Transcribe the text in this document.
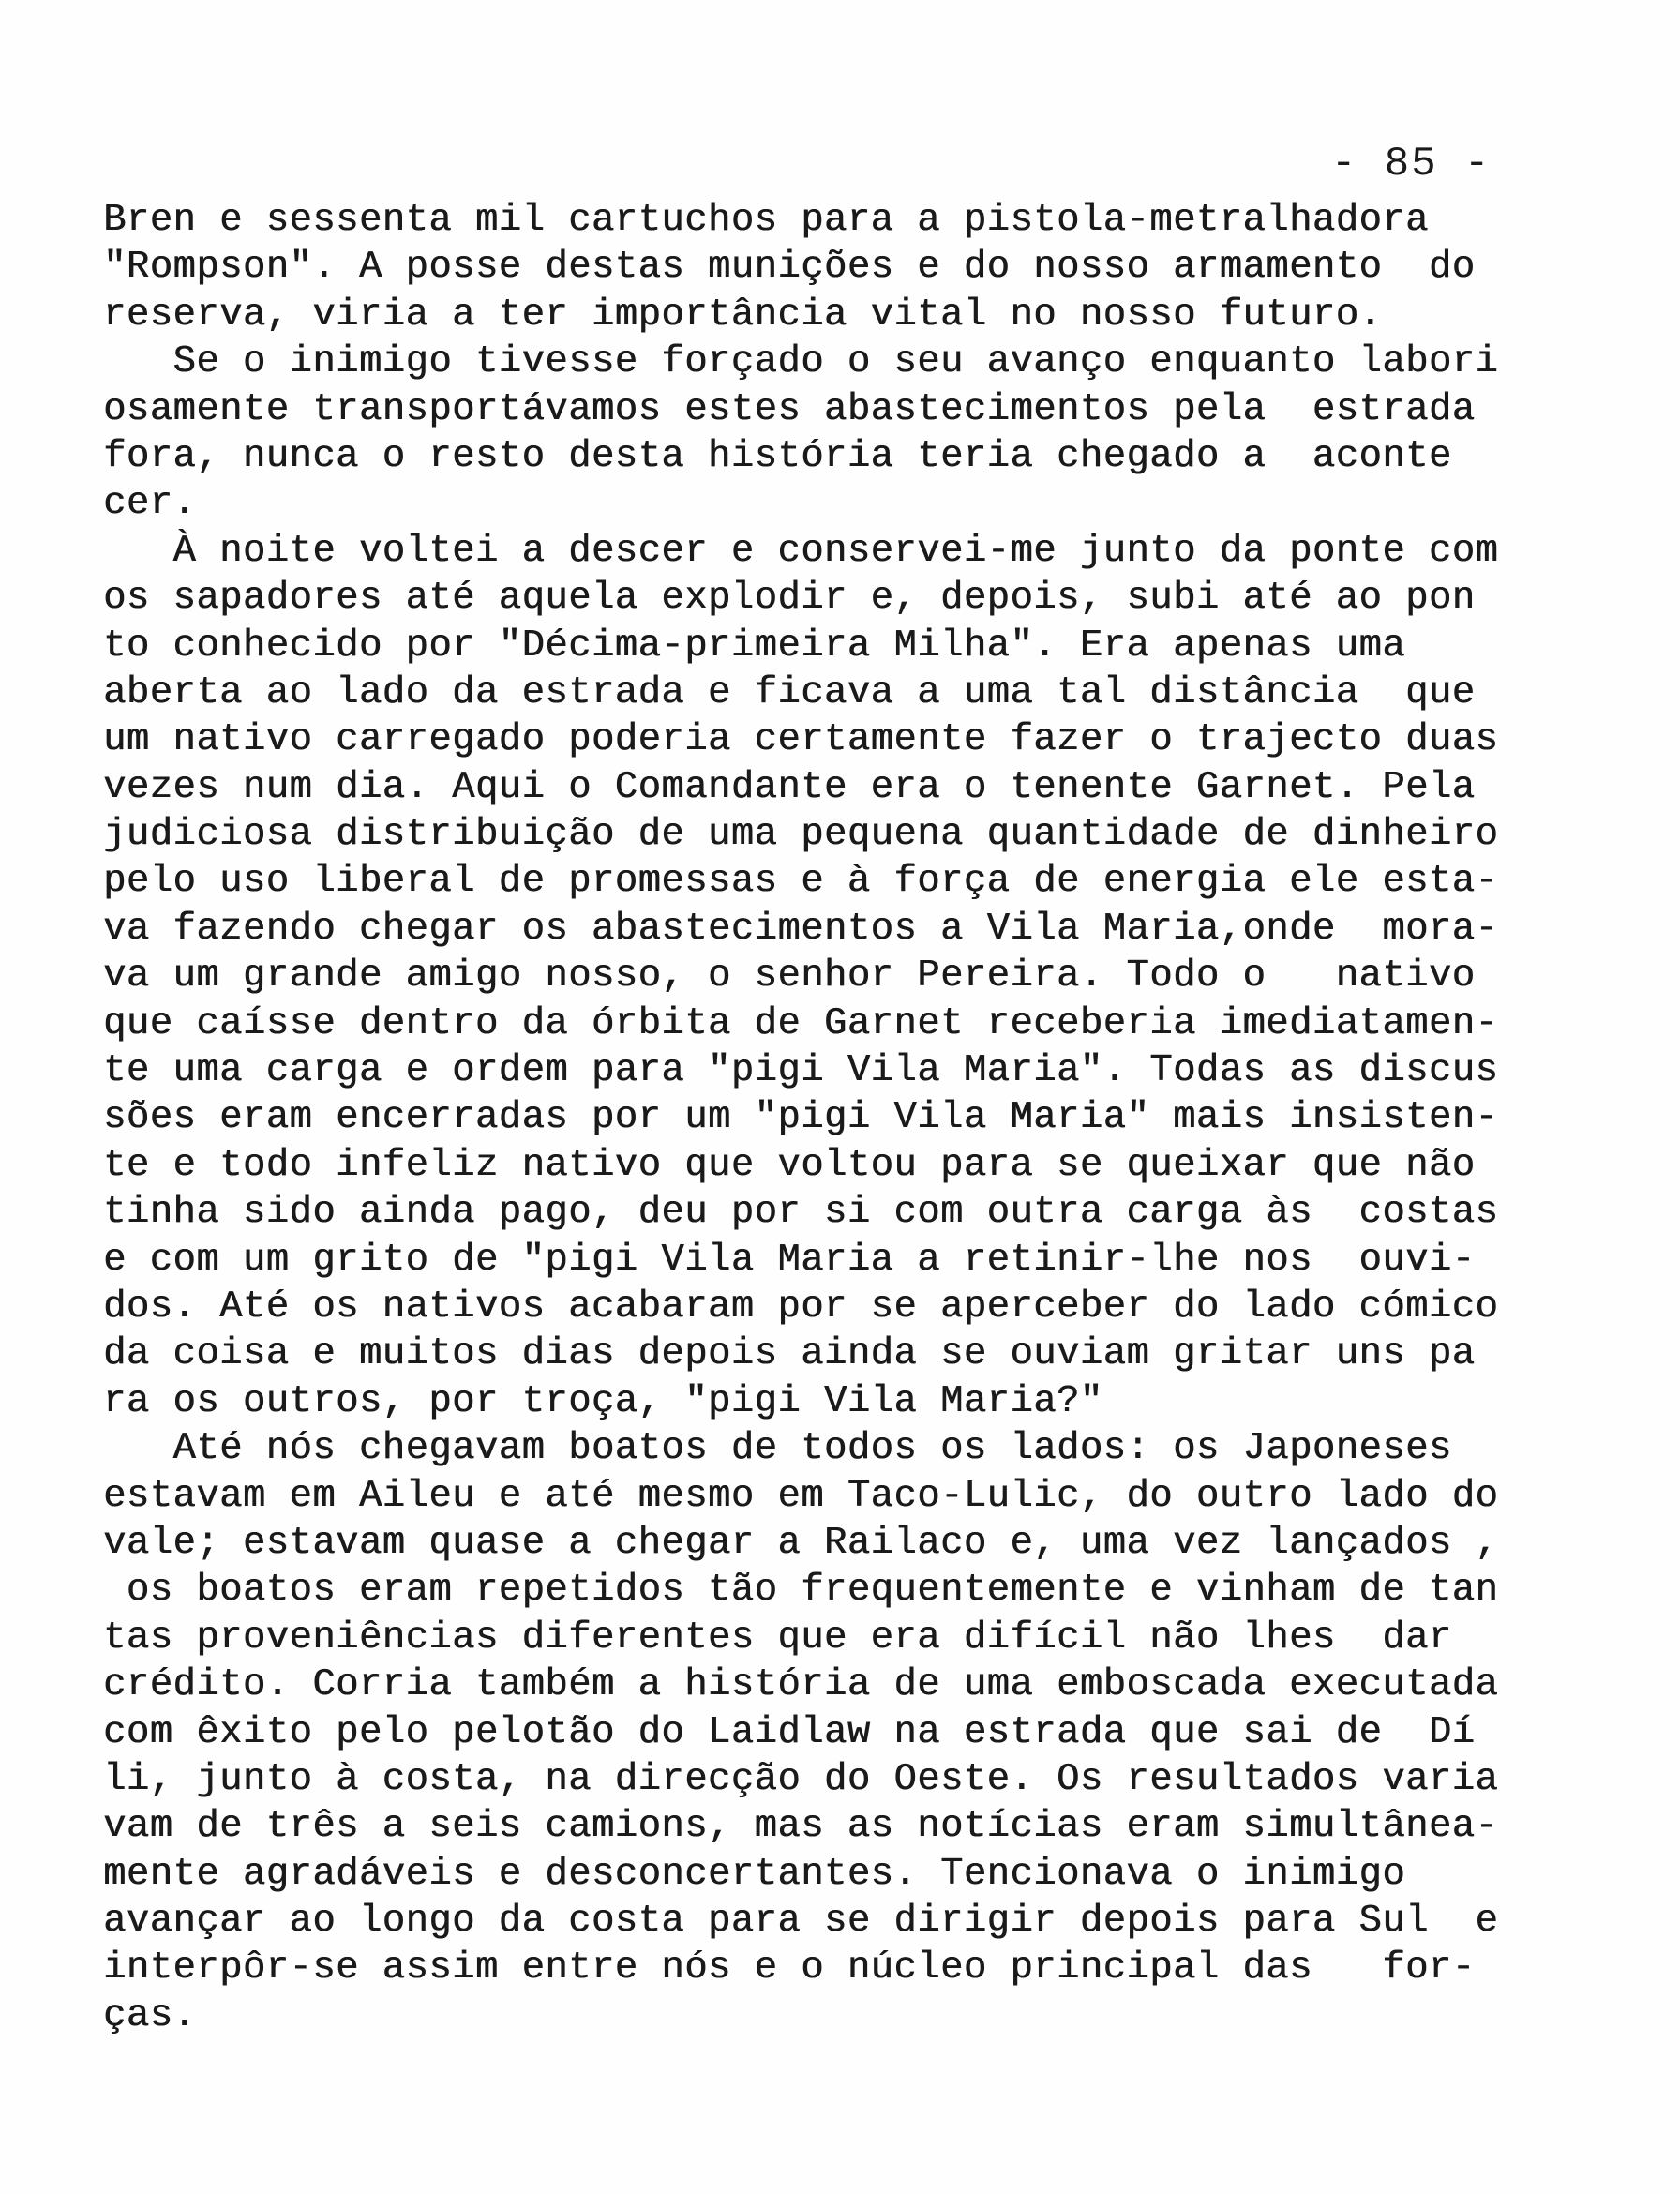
- 85 -
Bren e sessenta mil cartuchos para a pistola-metralhadora
"Rompson". A posse destas munições e do nosso armamento  do
reserva, viria a ter importância vital no nosso futuro.
Se o inimigo tivesse forçado o seu avanço enquanto labori
osamente transportávamos estes abastecimentos pela  estrada
fora, nunca o resto desta história teria chegado a  aconte
cer.
À noite voltei a descer e conservei-me junto da ponte com
os sapadores até aquela explodir e, depois, subi até ao pon
to conhecido por "Décima-primeira Milha". Era apenas uma
aberta ao lado da estrada e ficava a uma tal distância  que
um nativo carregado poderia certamente fazer o trajecto duas
vezes num dia. Aqui o Comandante era o tenente Garnet. Pela
judiciosa distribuição de uma pequena quantidade de dinheiro
pelo uso liberal de promessas e à força de energia ele esta-
va fazendo chegar os abastecimentos a Vila Maria,onde  mora-
va um grande amigo nosso, o senhor Pereira. Todo o   nativo
que caísse dentro da órbita de Garnet receberia imediatamen-
te uma carga e ordem para "pigi Vila Maria". Todas as discus
sões eram encerradas por um "pigi Vila Maria" mais insisten-
te e todo infeliz nativo que voltou para se queixar que não
tinha sido ainda pago, deu por si com outra carga às  costas
e com um grito de "pigi Vila Maria a retinir-lhe nos  ouvi-
dos. Até os nativos acabaram por se aperceber do lado cómico
da coisa e muitos dias depois ainda se ouviam gritar uns pa
ra os outros, por troça, "pigi Vila Maria?"
Até nós chegavam boatos de todos os lados: os Japoneses
estavam em Aileu e até mesmo em Taco-Lulic, do outro lado do
vale; estavam quase a chegar a Railaco e, uma vez lançados ,
os boatos eram repetidos tão frequentemente e vinham de tan
tas proveniências diferentes que era difícil não lhes  dar
crédito. Corria também a história de uma emboscada executada
com êxito pelo pelotão do Laidlaw na estrada que sai de  Dí
li, junto à costa, na direcção do Oeste. Os resultados varia
vam de três a seis camions, mas as notícias eram simultânea-
mente agradáveis e desconcertantes. Tencionava o inimigo
avançar ao longo da costa para se dirigir depois para Sul  e
interpôr-se assim entre nós e o núcleo principal das   for-
ças.
